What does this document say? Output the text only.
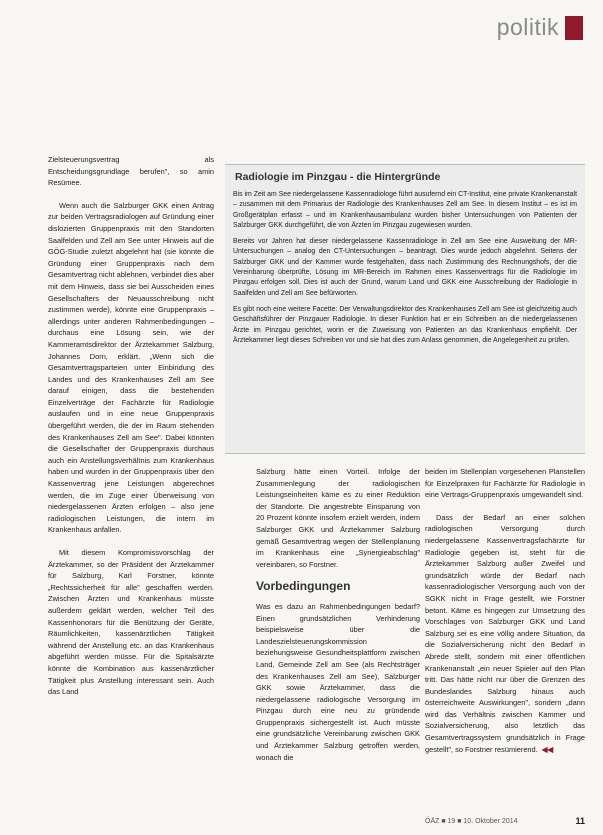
politik
Radiologie im Pinzgau - die Hintergründe

Bis im Zeit am See niedergelassene Kassenradiologe führt ausufernd ein CT-Institut, eine private Krankenanstalt – zusammen mit dem Primarius der Radiologie des Krankenhauses Zell am See. In diesem Institut – es ist im Großgerätplan erfasst – und im Krankenhausambulanz wurden bisher Untersuchungen von Patienten der Salzburger GKK durchgeführt, die von Ärzten im Pinzgau zugewiesen wurden.

Bereits vor Jahren hat dieser niedergelassene Kassenradiologe in Zell am See eine Ausweitung der MR-Untersuchungen – analog den CT-Untersuchungen – beantragt. Dies wurde jedoch abgelehnt. Seitens der Salzburger GKK und der Kammer wurde festgehalten, dass nach Zustimmung des Rechnungshofs, der die Vereinbarung überprüfte, Lösung im MR-Bereich im Rahmen eines Kassenvertrags für die Radiologie im Pinzgau erfolgen soll. Dies ist auch der Grund, warum Land und GKK eine Ausschreibung der Radiologie in Saalfelden und Zell am See befürworten.

Es gibt noch eine weitere Facette: Der Verwaltungsdirektor des Krankenhauses Zell am See ist gleichzeitig auch Geschäftsführer der Pinzgauer Radiologie. In dieser Funktion hat er ein Schreiben an die niedergelassenen Ärzte im Pinzgau gerichtet, worin er die Zuweisung von Patienten an das Krankenhaus empfiehlt. Der Ärztekammer liegt dieses Schreiben vor und sie hat dies zum Anlass genommen, die Angelegenheit zu prüfen.

Zielsteuerungsvertrag als Entscheidungsgrundlage berufen", so amin Resümee.

Wenn auch die Salzburger GKK einen Antrag zur beiden Vertragsradiologen auf Gründung einer dislozierten Gruppenpraxis mit den Standorten Saalfelden und Zell am See unter Hinweis auf die GÖG-Studie zuletzt abgelehnt hat (sie könnte die Gründung einer Gruppenpraxis nach dem Gesamtvertrag nicht ablehnen, verbindet dies aber mit dem Hinweis, dass sie bei Ausscheiden eines Gesellschafters der Neuausschreibung nicht zustimmen werde), könnte eine Gruppenpraxis – allerdings unter anderen Rahmenbedingungen – durchaus eine Lösung sein, wie der Kammeramtsdirektor der Ärztekammer Salzburg, Johannes Dorn, erklärt. „Wenn sich die Gesamtvertragsparteien unter Einbindung des Landes und des Krankenhauses Zell am See darauf einigen, dass die bestehenden Einzelverträge der Fachärzte für Radiologie auslaufen und in eine neue Gruppenpraxis übergeführt werden, die der im Raum stehenden des Krankenhauses Zell am See". Dabei könnten die Gesellschafter der Gruppenpraxis durchaus auch ein Anstellungsverhältnis zum Krankenhaus haben und wurden in der Gruppenpraxis über den Kassenvertrag jene Leistungen abgerechnet werden, die im Zuge einer Überweisung von niedergelassenen Ärzten erfolgen – also jene radiologischen Leistungen, die intern im Krankenhaus anfallen.

Mit diesem Kompromissvorschlag der Ärztekammer, so der Präsident der Ärztekammer für Salzburg, Karl Forstner, könnte „Rechtssicherheit für alle" geschaffen werden. Zwischen Ärzten und Krankenhaus müsste außerdem geklärt werden, welcher Teil des Kassenhonorars für die Benützung der Geräte, Räumlichkeiten, kassenärztlichen Tätigkeit während der Anstellung etc. an das Krankenhaus abgeführt werden müsse. Für die Spitalsärzte könnte die Kombination aus kassenärztlicher Tätigkeit plus Anstellung interessant sein. Auch das Land

Salzburg hätte einen Vorteil. Infolge der Zusammenlegung der radiologischen Leistungseinheiten käme es zu einer Reduktion der Standorte. Die angestrebte Einsparung von 20 Prozent könnte insofern erzielt werden, indem Salzburger GKK und Ärztekammer Salzburg gemäß Gesamtvertrag wegen der Stellenplanung im Krankenhaus eine „Synergieabschlag" vereinbaren, so Forstner.

Vorbedingungen

Was es dazu an Rahmenbedingungen bedarf? Einen grundsätzlichen Verhinderung beispielsweise über die Landeszielsteuerungskommission beziehungsweise Gesundheitsplattform zwischen Land, Gemeinde Zell am See (als Rechtsträger des Krankenhauses Zell am See), Salzburger GKK sowie Ärztekammer, dass die niedergelassene radiologische Versorgung im Pinzgau durch eine neu zu gründende Gruppenpraxis sichergestellt ist. Auch müsste eine grundsätzliche Vereinbarung zwischen GKK und Ärztekammer Salzburg getroffen werden, wonach die

beiden im Stellenplan vorgesehenen Planstellen für Einzelpraxen für Fachärzte für Radiologie in eine Vertrags-Gruppenpraxis umgewandelt sind.

Dass der Bedarf an einer solchen radiologischen Versorgung durch niedergelassene Kassenvertragsfachärzte für Radiologie gegeben ist, steht für die Ärztekammer Salzburg außer Zweifel und grundsätzlich würde der Bedarf nach kassenradiologischer Versorgung auch von der SGKK nicht in Frage gestellt, wie Forstner betont. Käme es hingegen zur Umsetzung des Vorschlages von Salzburger GKK und Land Salzburg sei es eine völlig andere Situation, da die Sozialversicherung nicht den Bedarf in Abrede stellt, sondern mit einer öffentlichen Krankenanstalt „ein neuer Spieler auf den Plan tritt. Das hätte nicht nur über die Grenzen des Bundeslandes Salzburg hinaus auch österreichweite Auswirkungen", sondern „dann wird das Verhältnis zwischen Kammer und Sozialversicherung, also letztlich das Gesamtvertragssystem grundsätzlich in Frage gestellt", so Forstner resümierend. ◀◀

ÖÄZ ■ 19 ■ 10. Oktober 2014	11
